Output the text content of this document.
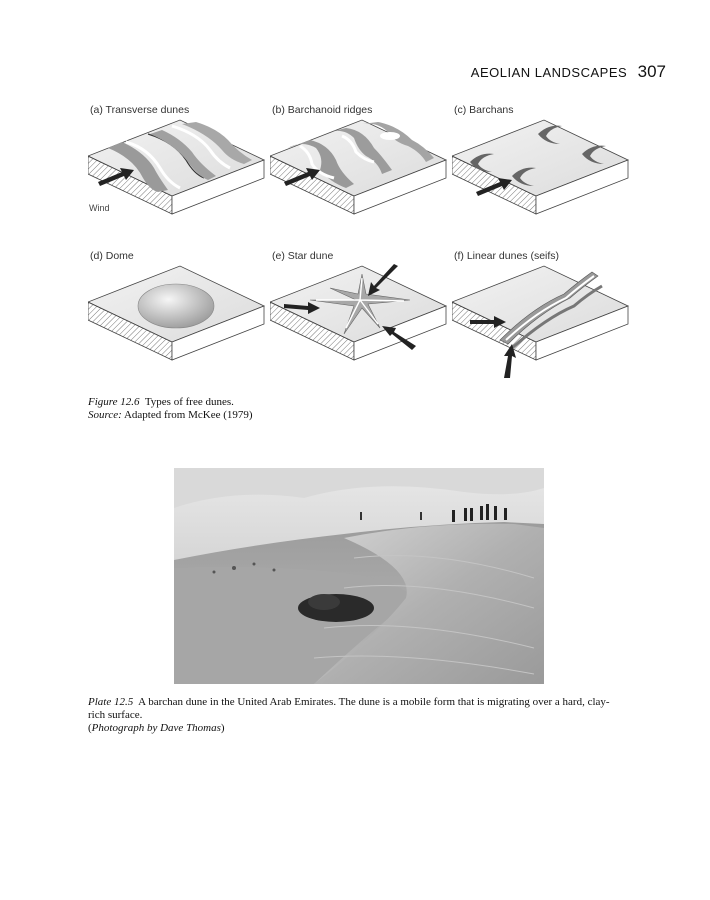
AEOLIAN LANDSCAPES 307
(a) Transverse dunes
Wind
(b) Barchanoid ridges	(c) Barchans
(d) Dome	(e) Star dune	(f) Linear dunes (seifs)
Figure 12.6 Types of free dunes.
Source: Adapted from McKee (1979)
Plate 12.5 A barchan dune in the United Arab Emirates. The dune is a mobile form that is migrating over a hard, clay-rich surface.
(Photograph by Dave Thomas)
